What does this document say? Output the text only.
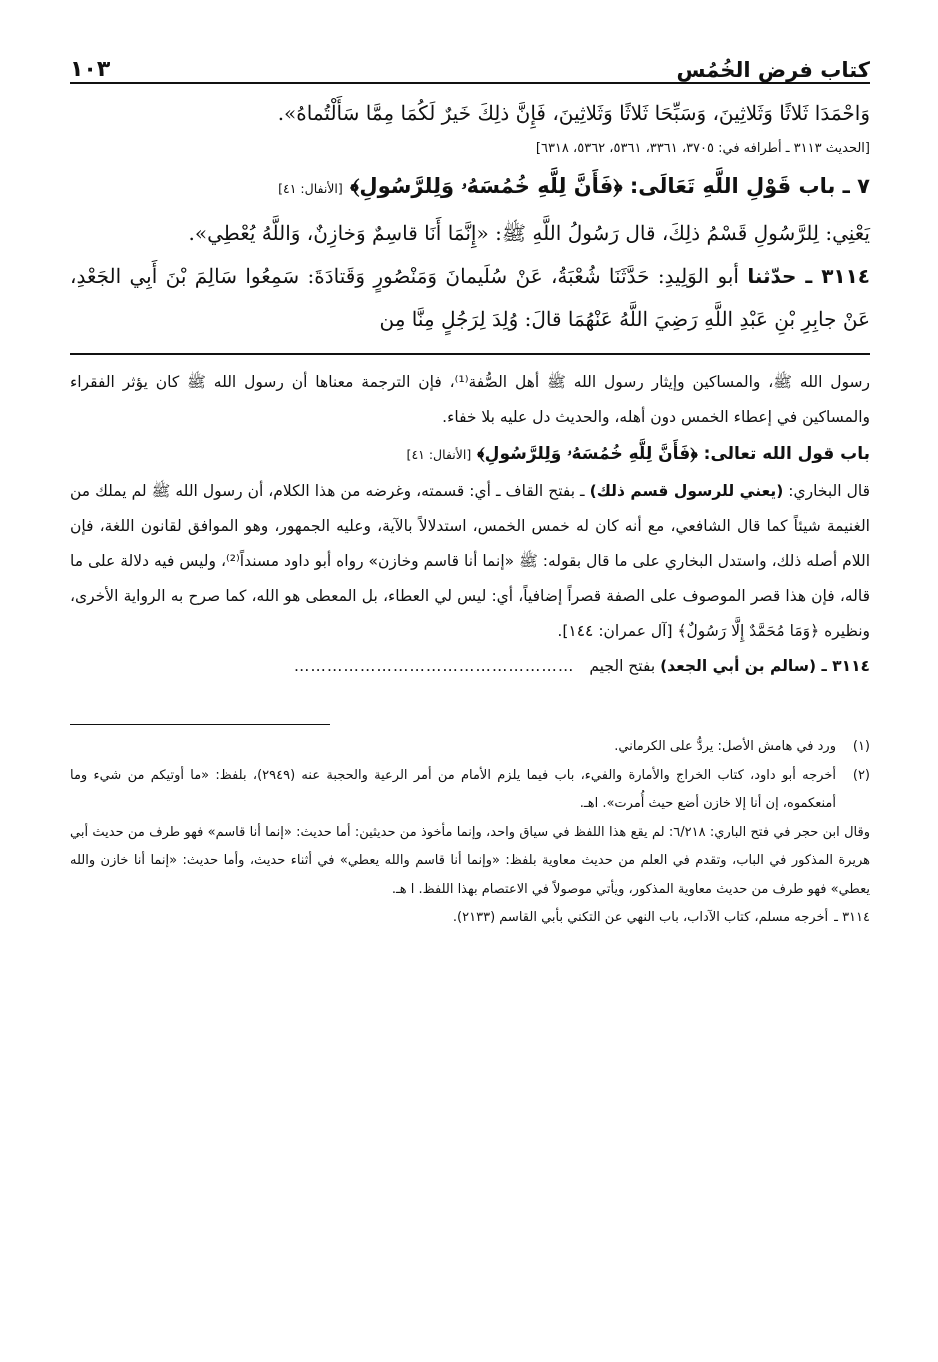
كتاب فرض الخُمُس
١٠٣
وَاحْمَدَا ثَلاثًا وَثَلاثِينَ، وَسَبِّحَا ثَلاثًا وَثَلاثِينَ، فَإِنَّ ذلِكَ خَيرٌ لَكُمَا مِمَّا سَأَلْتُماهُ».
[الحديث ٣١١٣ ـ أطرافه في: ٣٧٠٥، ٣٣٦١، ٥٣٦١، ٥٣٦٢، ٦٣١٨]
٧ ـ باب قَوْلِ اللَّهِ تَعَالَى: ﴿فَأَنَّ لِلَّهِ خُمُسَهُۥ وَلِلرَّسُولِ﴾ [الأنفال: ٤١]
يَعْنِي: لِلرَّسُولِ قَسْمُ ذلِكَ، قال رَسُولُ اللَّهِ ﷺ: «إِنَّمَا أَنَا قاسِمٌ وَخازِنٌ، وَاللَّهُ يُعْطِي».
٣١١٤ ـ حدّثنا أبو الوَلِيدِ: حَدَّثَنَا شُعْبَةُ، عَنْ سُلَيمانَ وَمَنْصُورٍ وَقَتادَةَ: سَمِعُوا سَالِمَ بْنَ أَبِي الجَعْدِ، عَنْ جابِرِ بْنِ عَبْدِ اللَّهِ رَضِيَ اللَّهُ عَنْهُمَا قالَ: وُلِدَ لِرَجُلٍ مِنَّا مِن
رسول الله ﷺ، والمساكين وإيثار رسول الله ﷺ أهل الصُّفة⁽¹⁾، فإن الترجمة معناها أن رسول الله ﷺ كان يؤثر الفقراء والمساكين في إعطاء الخمس دون أهله، والحديث دل عليه بلا خفاء.
باب قول الله تعالى: ﴿فَأَنَّ لِلَّهِ خُمُسَهُۥ وَلِلرَّسُولِ﴾ [الأنفال: ٤١]
قال البخاري: (يعني للرسول قسم ذلك) ـ بفتح القاف ـ أي: قسمته، وغرضه من هذا الكلام، أن رسول الله ﷺ لم يملك من الغنيمة شيئاً كما قال الشافعي، مع أنه كان له خمس الخمس، استدلالاً بالآية، وعليه الجمهور، وهو الموافق لقانون اللغة، فإن اللام أصله ذلك، واستدل البخاري على ما قال بقوله: ﷺ «إنما أنا قاسم وخازن» رواه أبو داود مسنداً⁽²⁾، وليس فيه دلالة على ما قاله، فإن هذا قصر الموصوف على الصفة قصراً إضافياً، أي: ليس لي العطاء، بل المعطى هو الله، كما صرح به الرواية الأخرى، ونظيره ﴿وَمَا مُحَمَّدٌ إِلَّا رَسُولٌ﴾ [آل عمران: ١٤٤].
٣١١٤ ـ (سالم بن أبي الجعد) بفتح الجيم ……………………………………………
(١)
ورد في هامش الأصل: يردُّ على الكرماني.
(٢)
أخرجه أبو داود، كتاب الخراج والأمارة والفيء، باب فيما يلزم الأمام من أمر الرعية والحجبة عنه (٢٩٤٩)، بلفظ: «ما أوتيكم من شيء وما أمنعكموه، إن أنا إلا خازن أضع حيث أُمرت». اهـ.
وقال ابن حجر في فتح الباري: ٦/٢١٨: لم يقع هذا اللفظ في سياق واحد، وإنما مأخوذ من حديثين: أما حديث: «إنما أنا قاسم» فهو طرف من حديث أبي هريرة المذكور في الباب، وتقدم في العلم من حديث معاوية بلفظ: «وإنما أنا قاسم والله يعطي» في أثناء حديث، وأما حديث: «إنما أنا خازن والله يعطي» فهو طرف من حديث معاوية المذكور، ويأتي موصولاً في الاعتصام بهذا اللفظ. ا هـ.
٣١١٤ ـ
أخرجه مسلم، كتاب الآداب، باب النهي عن التكني بأبي القاسم (٢١٣٣).
